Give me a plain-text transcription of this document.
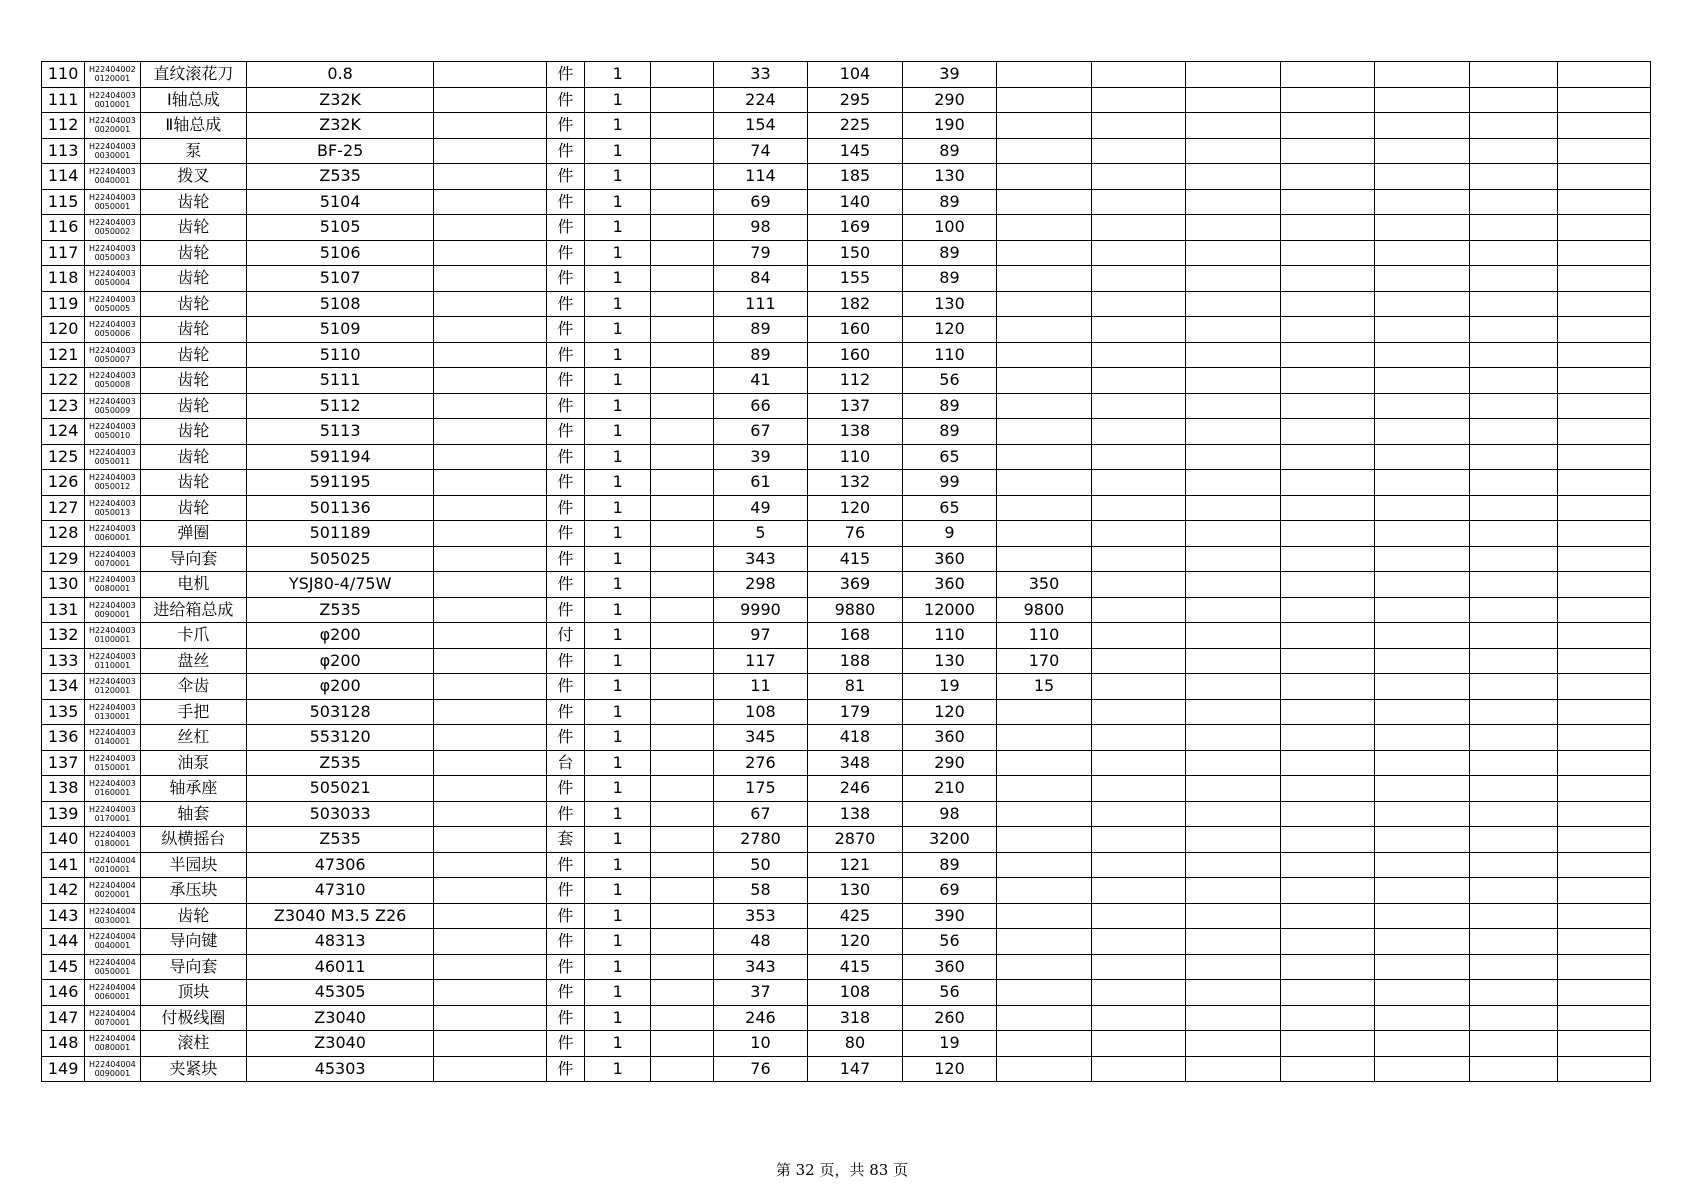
110	H22404002 0120001	直纹滚花刀	0.8		件	1		33	104	39							
111	H22404003 0010001	Ⅰ轴总成	Z32K		件	1		224	295	290							
112	H22404003 0020001	Ⅱ轴总成	Z32K		件	1		154	225	190							
113	H22404003 0030001	泵	BF-25		件	1		74	145	89							
114	H22404003 0040001	拨叉	Z535		件	1		114	185	130							
115	H22404003 0050001	齿轮	5104		件	1		69	140	89							
116	H22404003 0050002	齿轮	5105		件	1		98	169	100							
117	H22404003 0050003	齿轮	5106		件	1		79	150	89							
118	H22404003 0050004	齿轮	5107		件	1		84	155	89							
119	H22404003 0050005	齿轮	5108		件	1		111	182	130							
120	H22404003 0050006	齿轮	5109		件	1		89	160	120							
121	H22404003 0050007	齿轮	5110		件	1		89	160	110							
122	H22404003 0050008	齿轮	5111		件	1		41	112	56							
123	H22404003 0050009	齿轮	5112		件	1		66	137	89							
124	H22404003 0050010	齿轮	5113		件	1		67	138	89							
125	H22404003 0050011	齿轮	591194		件	1		39	110	65							
126	H22404003 0050012	齿轮	591195		件	1		61	132	99							
127	H22404003 0050013	齿轮	501136		件	1		49	120	65							
128	H22404003 0060001	弹圈	501189		件	1		5	76	9							
129	H22404003 0070001	导向套	505025		件	1		343	415	360							
130	H22404003 0080001	电机	YSJ80-4/75W		件	1		298	369	360	350						
131	H22404003 0090001	进给箱总成	Z535		件	1		9990	9880	12000	9800						
132	H22404003 0100001	卡爪	φ200		付	1		97	168	110	110						
133	H22404003 0110001	盘丝	φ200		件	1		117	188	130	170						
134	H22404003 0120001	伞齿	φ200		件	1		11	81	19	15						
135	H22404003 0130001	手把	503128		件	1		108	179	120							
136	H22404003 0140001	丝杠	553120		件	1		345	418	360							
137	H22404003 0150001	油泵	Z535		台	1		276	348	290							
138	H22404003 0160001	轴承座	505021		件	1		175	246	210							
139	H22404003 0170001	轴套	503033		件	1		67	138	98							
140	H22404003 0180001	纵横摇台	Z535		套	1		2780	2870	3200							
141	H22404004 0010001	半园块	47306		件	1		50	121	89							
142	H22404004 0020001	承压块	47310		件	1		58	130	69							
143	H22404004 0030001	齿轮	Z3040 M3.5 Z26		件	1		353	425	390							
144	H22404004 0040001	导向键	48313		件	1		48	120	56							
145	H22404004 0050001	导向套	46011		件	1		343	415	360							
146	H22404004 0060001	顶块	45305		件	1		37	108	56							
147	H22404004 0070001	付极线圈	Z3040		件	1		246	318	260							
148	H22404004 0080001	滚柱	Z3040		件	1		10	80	19							
149	H22404004 0090001	夹紧块	45303		件	1		76	147	120							
第 32 页，共 83 页
